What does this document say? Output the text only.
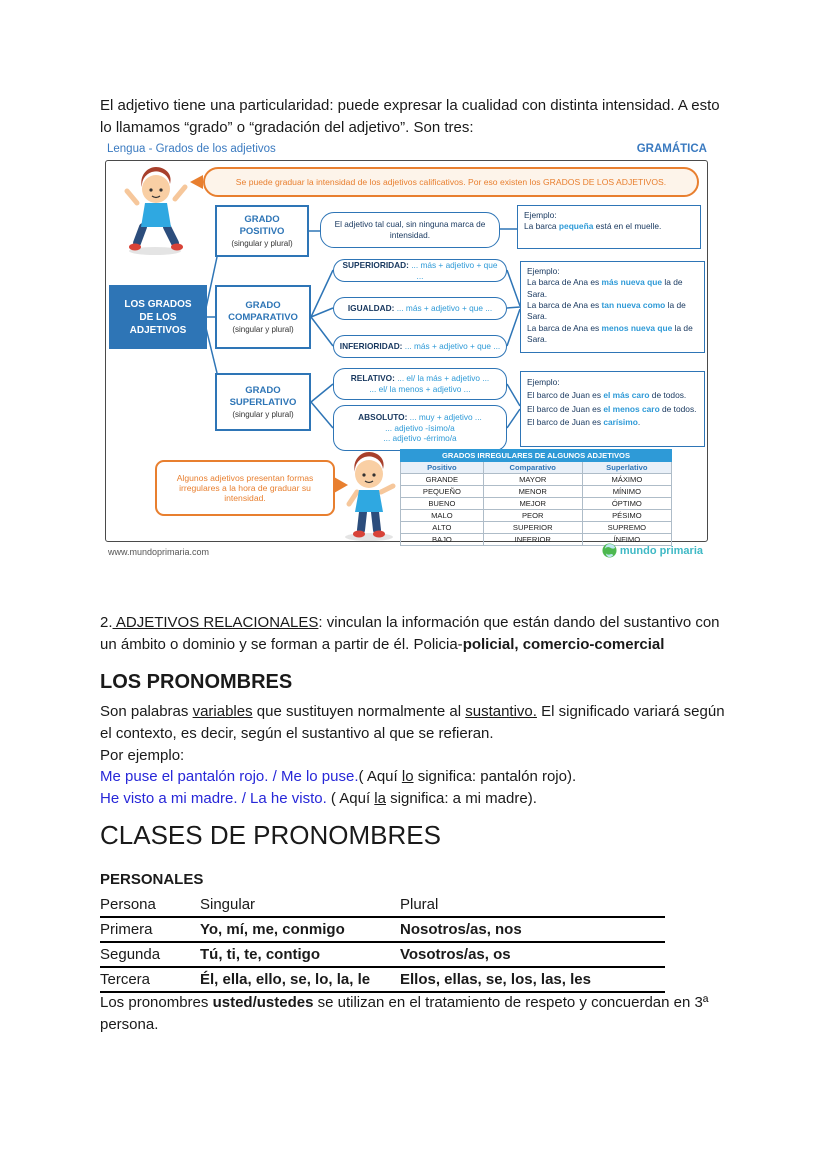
El adjetivo tiene una particularidad: puede expresar la cualidad con distinta intensidad. A esto lo llamamos “grado” o “gradación del adjetivo”. Son tres:

Lengua - Grados de los adjetivos	GRAMÁTICA
Se puede graduar la intensidad de los adjetivos calificativos. Por eso existen los GRADOS DE LOS ADJETIVOS.
GRADO
POSITIVO
(singular y plural)
El adjetivo tal cual, sin ninguna marca de intensidad.
Ejemplo:
La barca pequeña está en el muelle.
LOS GRADOS DE LOS ADJETIVOS
GRADO
COMPARATIVO
(singular y plural)
SUPERIORIDAD: ... más + adjetivo + que ...
IGUALDAD: ... más + adjetivo + que ...
INFERIORIDAD: ... más + adjetivo + que ...
Ejemplo:
La barca de Ana es más nueva que la de Sara.
La barca de Ana es tan nueva como la de Sara.
La barca de Ana es menos nueva que la de Sara.
GRADO
SUPERLATIVO
(singular y plural)
RELATIVO: ... el/ la más + adjetivo ...
... el/ la menos + adjetivo ...
ABSOLUTO: ... muy + adjetivo ...
... adjetivo -ísimo/a
... adjetivo -érrimo/a
Ejemplo:
El barco de Juan es el más caro de todos.
El barco de Juan es el menos caro de todos.
El barco de Juan es carísimo.
Algunos adjetivos presentan formas irregulares a la hora de graduar su intensidad.
GRADOS IRREGULARES DE ALGUNOS ADJETIVOS		
Positivo	Comparativo	Superlativo
GRANDE	MAYOR	MÁXIMO
PEQUEÑO	MENOR	MÍNIMO
BUENO	MEJOR	ÓPTIMO
MALO	PEOR	PÉSIMO
ALTO	SUPERIOR	SUPREMO
BAJO	INFERIOR	ÍNFIMO
www.mundoprimaria.com	mundo primaria

2. ADJETIVOS RELACIONALES: vinculan la información que están dando del sustantivo con un ámbito o dominio y se forman a partir de él. Policia-policial, comercio-comercial

LOS PRONOMBRES

Son palabras variables que sustituyen normalmente al sustantivo. El significado variará según el contexto, es decir, según el sustantivo al que se refieran.
Por ejemplo:
Me puse el pantalón rojo. / Me lo puse.( Aquí lo significa: pantalón rojo).
He visto a mi madre. / La he visto. ( Aquí la significa: a mi madre).

CLASES DE PRONOMBRES
PERSONALES
Persona	Singular	Plural
Primera	Yo, mí, me, conmigo	Nosotros/as, nos
Segunda	Tú, ti, te, contigo	Vosotros/as, os
Tercera	Él, ella, ello, se, lo, la, le	Ellos, ellas, se, los, las, les

Los pronombres usted/ustedes se utilizan en el tratamiento de respeto y concuerdan en 3ª persona.
